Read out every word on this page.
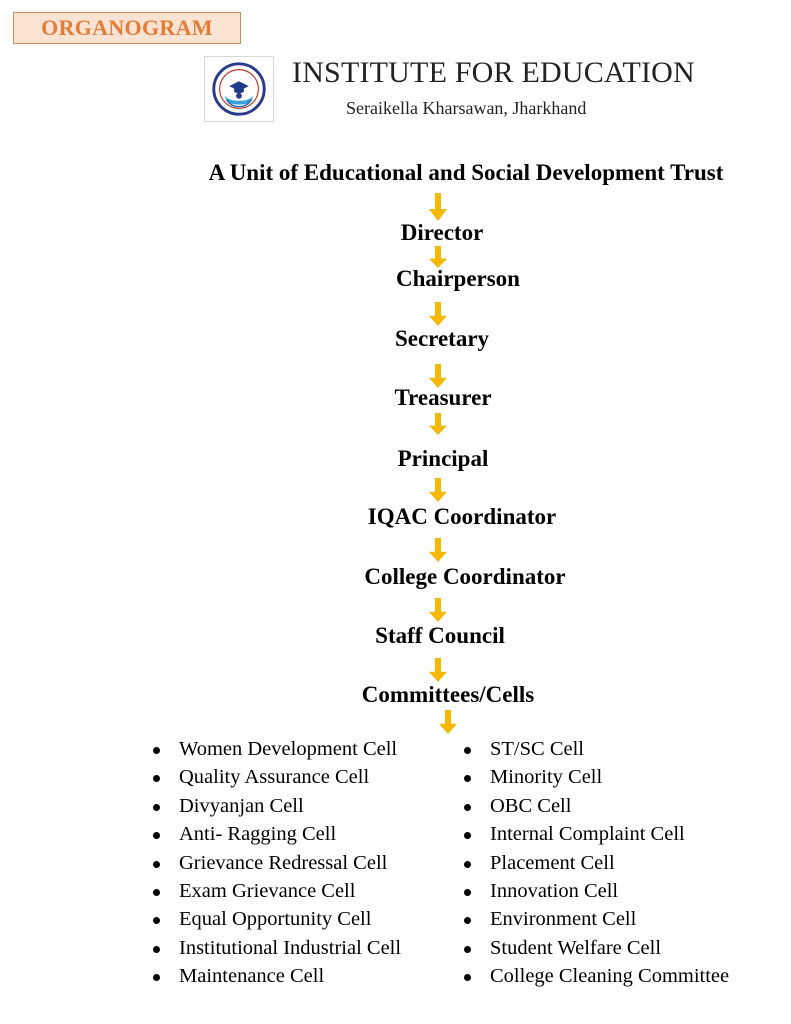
ORGANOGRAM
INSTITUTE FOR EDUCATION
Seraikella Kharsawan, Jharkhand
A Unit of Educational and Social Development Trust
Director
Chairperson
Secretary
Treasurer
Principal
IQAC Coordinator
College Coordinator
Staff Council
Committees/Cells
Women Development Cell
Quality Assurance Cell
Divyanjan Cell
Anti- Ragging Cell
Grievance Redressal Cell
Exam Grievance Cell
Equal Opportunity Cell
Institutional Industrial Cell
Maintenance Cell
ST/SC Cell
Minority Cell
OBC Cell
Internal Complaint Cell
Placement Cell
Innovation Cell
Environment Cell
Student Welfare Cell
College Cleaning Committee
